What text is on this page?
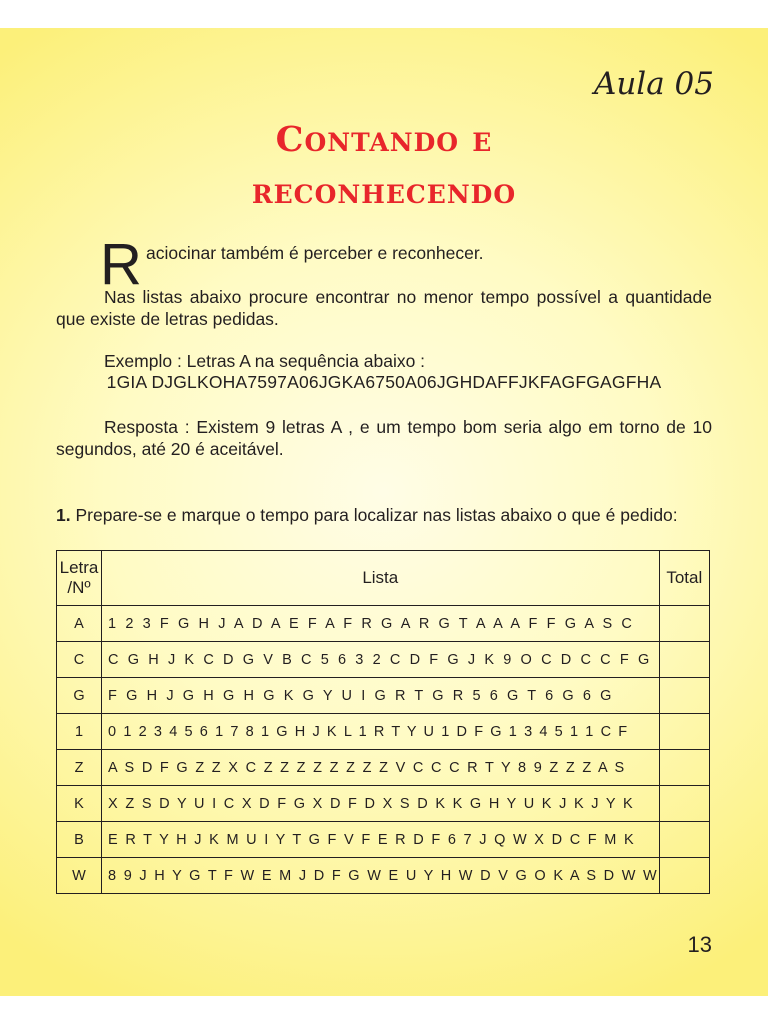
Aula 05
Contando e
reconhecendo
R aciocinar também é perceber e reconhecer.
Nas listas abaixo procure encontrar no menor tempo possível a quantidade que existe de letras pedidas.
Exemplo : Letras A na sequência abaixo :
1GIA DJGLKOHA7597A06JGKA6750A06JGHDAFFJKFAGFGAGFHA
Resposta : Existem 9 letras A , e um tempo bom seria algo em torno de 10 segundos, até 20 é aceitável.
1. Prepare-se e marque o tempo para localizar nas listas abaixo o que é pedido:
Letra /Nº	Lista	Total
A	1 2 3 F G H J A D A E F A F R G A R G T A A A F F G A S C	
C	C G H J K C D G V B C 5 6 3 2 C D F G J K 9 O C D C C F G	
G	F G H J G H G H G K G Y U I G R T G R 5 6 G T 6 G 6 G	
1	0 1 2 3 4 5 6 1 7 8 1 G H J K L 1 R T Y U 1 D F G 1 3 4 5 1 1 C F	
Z	A S D F G Z Z X C Z Z Z Z Z Z Z Z V C C C R T Y 8 9 Z Z Z A S	
K	X Z S D Y U I C X D F G X D F D X S D K K G H Y U K J K J Y K	
B	E R T Y H J K M U I Y T G F V F E R D F 6 7 J Q W X D C F M K	
W	8 9 J H Y G T F W E M J D F G W E U Y H W D V G O K A S D W W	
13
